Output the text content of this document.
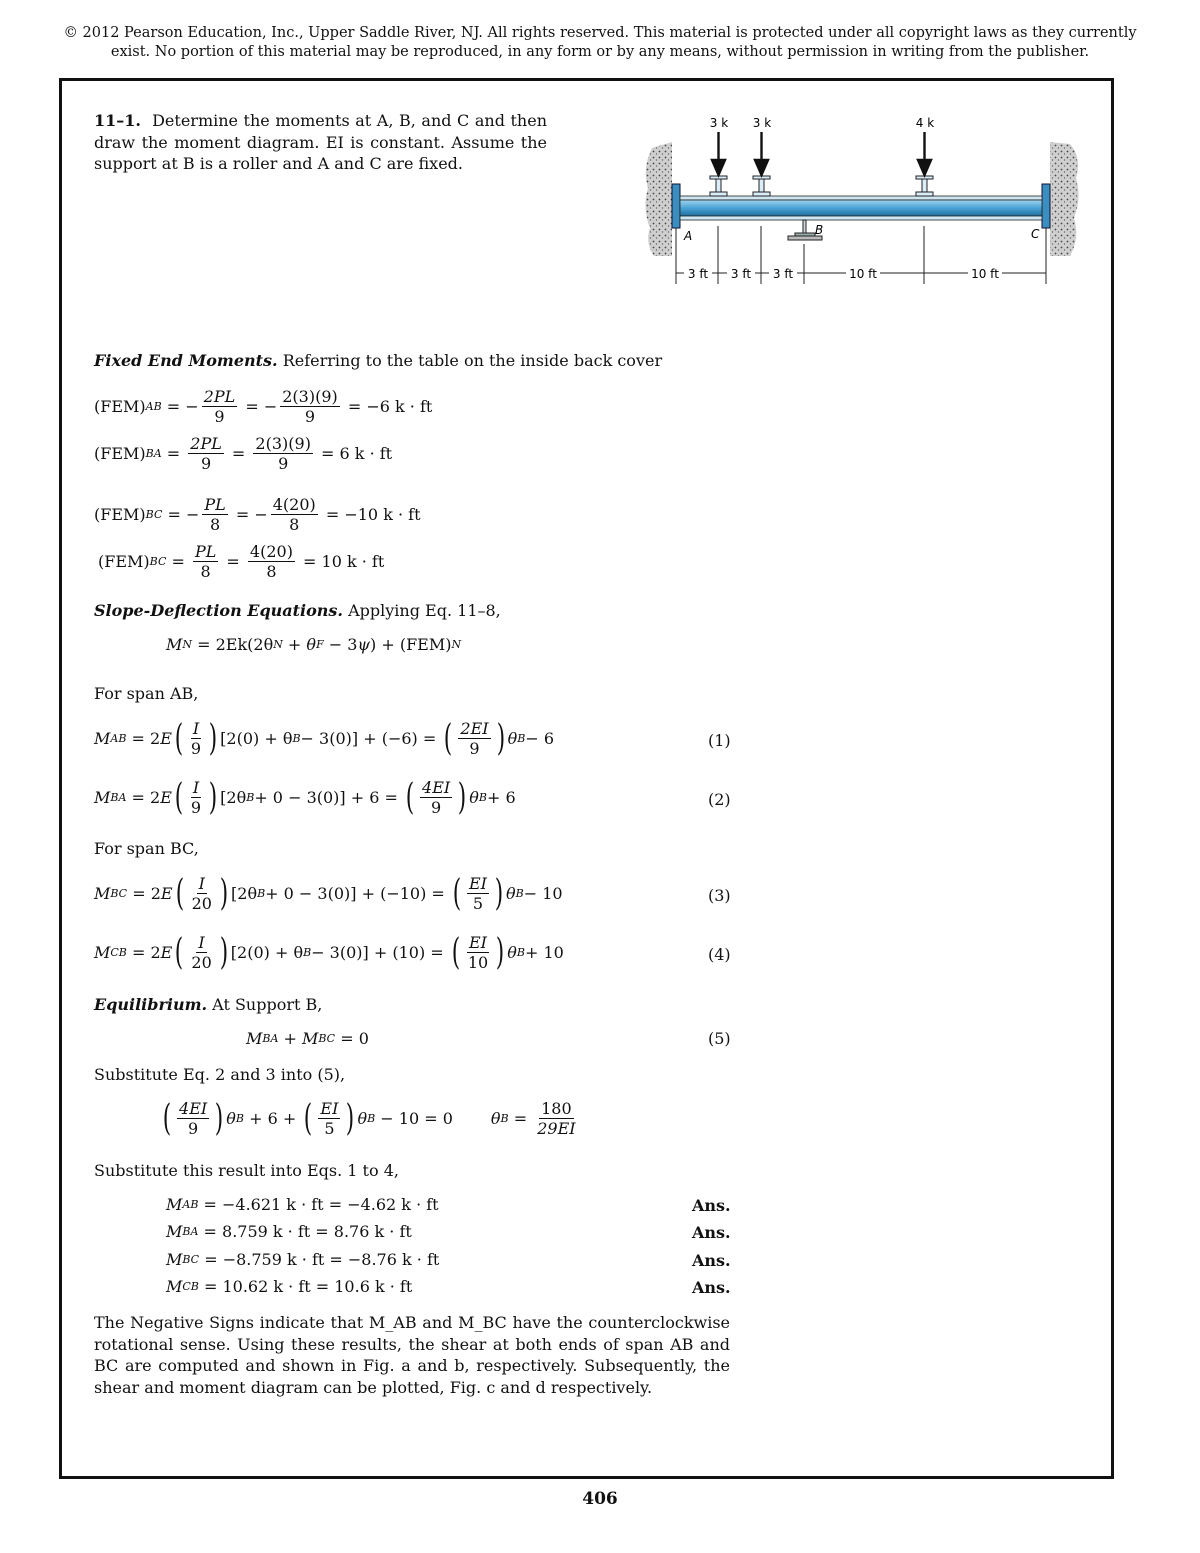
© 2012 Pearson Education, Inc., Upper Saddle River, NJ. All rights reserved. This material is protected under all copyright laws as they currently
exist. No portion of this material may be reproduced, in any form or by any means, without permission in writing from the publisher.
11–1. Determine the moments at A, B, and C and then draw the moment diagram. EI is constant. Assume the support at B is a roller and A and C are fixed.
3 k 3 k	4 k
A	B	C
3 ft 3 ft 3 ft	10 ft	10 ft
Fixed End Moments. Referring to the table on the inside back cover
(FEM) AB = − $\frac{2PL}{9}$ = − $\frac{2(3)(9)}{9} = -6$ k · ft
(FEM) BA = $\frac{2PL}{9} = \frac{2(3)(9)}{9} = 6$ k · ft
(FEM) BC = − $\frac{PL}{8}$ = − $\frac{4(20)}{8} = -10$ k · ft
(FEM) BC = $\frac{PL}{8} = \frac{4(20)}{8} = 10$ k · ft
Slope-Deflection Equations. Applying Eq. 11–8,
M N
= 2Ek(2θ N + θ F − 3 ψ ) + (FEM) N
For span AB,
M AB = 2 E ( $\frac{I}{9}$ ) [2(0) + θ B − 3(0)] + (−6) =
( $\frac{2EI}{9}$ ) θ B − 6	(1)
M BA = 2 E ( $\frac{I}{9}$ ) [2θ B + 0 − 3(0)] + 6 =
( $\frac{4EI}{9}$ ) θ B + 6	(2)
For span BC,
M BC = 2 E ( $\frac{I}{20}$ ) [2θ B + 0 − 3(0)] + (−10) =
( $\frac{EI}{5}$ ) θ B − 10	(3)
M CB = 2 E ( $\frac{I}{20}$ ) [2(0) + θ B − 3(0)] + (10) =
( $\frac{EI}{10}$ ) θ B + 10	(4)
Equilibrium. At Support B,
M BA + M BC = 0	(5)
Substitute Eq. 2 and 3 into (5),
( $\frac{4EI}{9}$ ) θ B + 6 + ( $\frac{EI}{5}$ ) θ B − 10 = 0 θ $B = \frac{180}{29EI}$
Substitute this result into Eqs. 1 to 4,
M AB
= −4.621 k · ft = −4.62 k · ft	Ans.
M BA
= 8.759 k · ft = 8.76 k · ft	Ans.
M BC
= −8.759 k · ft = −8.76 k · ft	Ans.
M CB
= 10.62 k · ft = 10.6 k · ft	Ans.
The Negative Signs indicate that M_AB and M_BC have the counterclockwise rotational sense. Using these results, the shear at both ends of span AB and BC are computed and shown in Fig. a and b, respectively. Subsequently, the shear and moment diagram can be plotted, Fig. c and d respectively.
406
